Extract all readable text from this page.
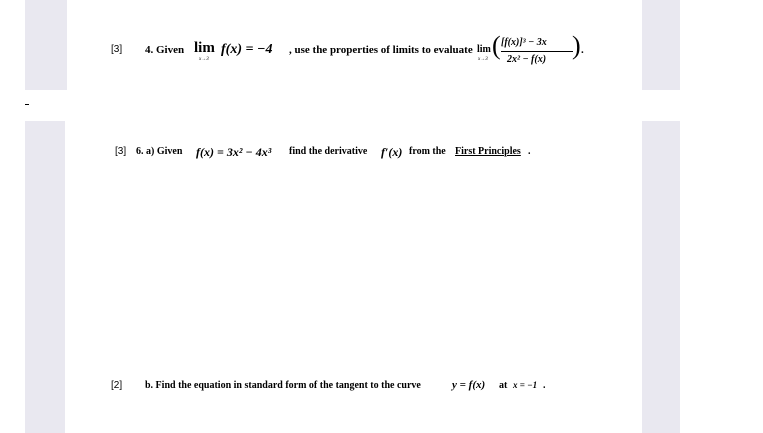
[3] 4. Given lim
x→3
f(x) = −4 , use the properties of limits to evaluate lim
x→3 ( [f(x)]³ − 3x
2x² − f(x) ) .
[3] 6. a) Given f(x) = 3x² − 4x³ find the derivative f′(x) from the First Principles .
[2] b. Find the equation in standard form of the tangent to the curve	y = f(x) at x = −1 .
